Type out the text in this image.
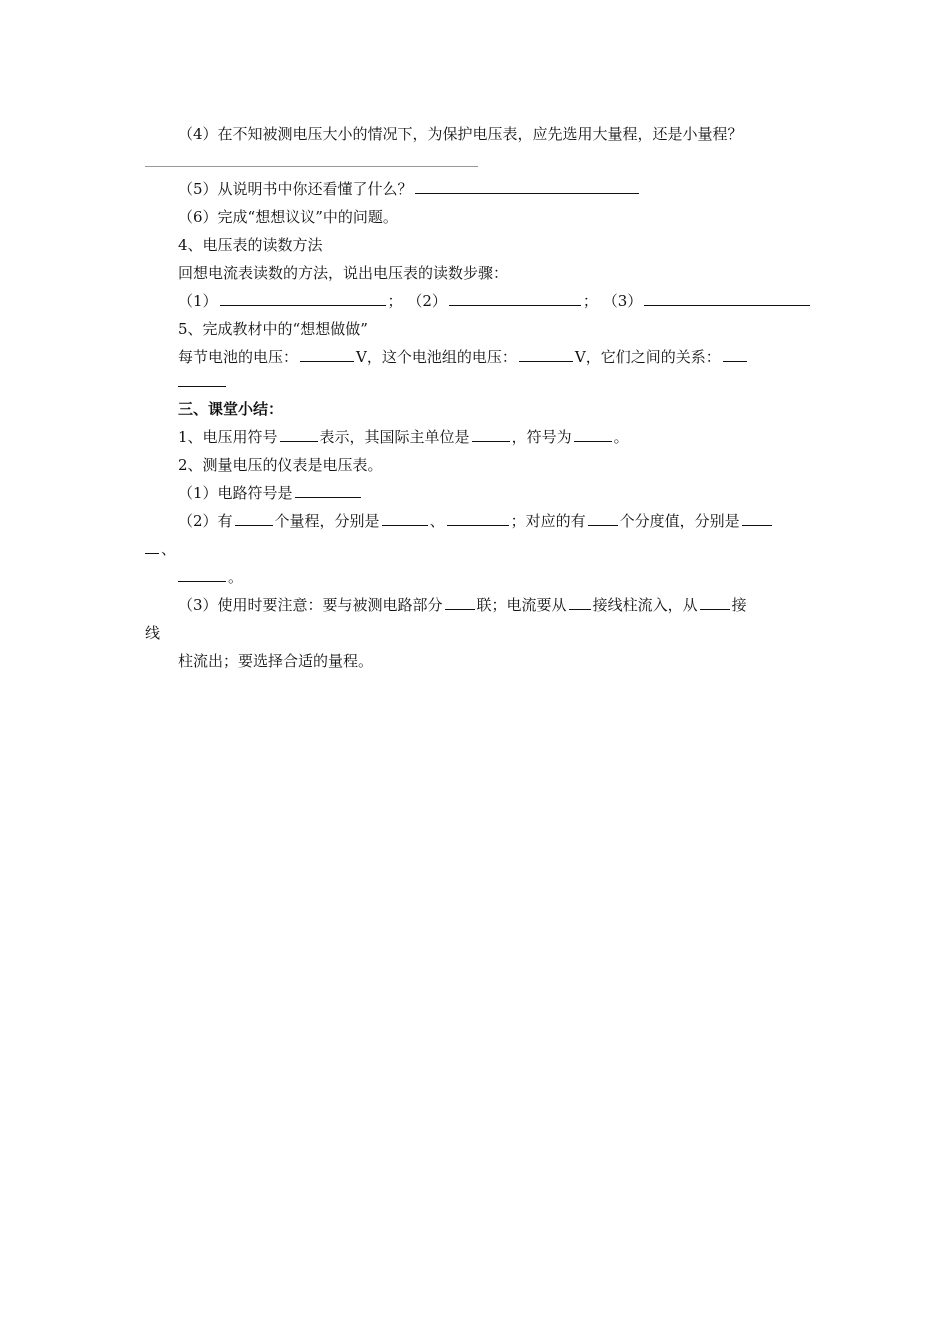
（4）在不知被测电压大小的情况下，为保护电压表，应先选用大量程，还是小量程？
（5）从说明书中你还看懂了什么？
（6）完成“想想议议”中的问题。
4、电压表的读数方法
回想电流表读数的方法，说出电压表的读数步骤：
（1）	； （2）	； （3）
5、完成教材中的“想想做做”
每节电池的电压：	V，这个电池组的电压：	V，它们之间的关系：
三、课堂小结：
1、电压用符号	表示，其国际主单位是	，符号为	。
2、测量电压的仪表是电压表。
（1）电路符号是
（2）有	个量程，分别是	、	；对应的有 个分度值，分别是
、
。
（3）使用时要注意：要与被测电路部分 联；电流要从 接线柱流入，从 接
线
柱流出；要选择合适的量程。
